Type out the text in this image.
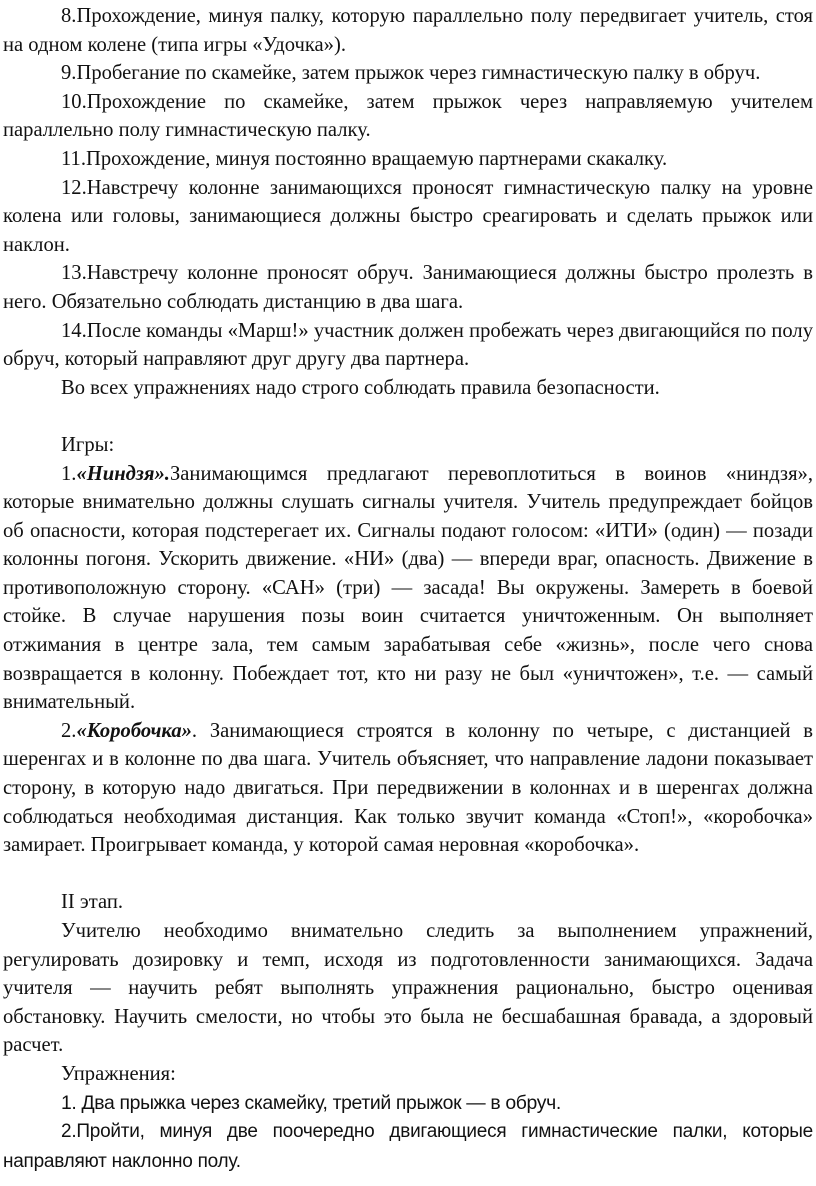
8.Прохождение, минуя палку, которую параллельно полу передвигает учитель, стоя на одном колене (типа игры «Удочка»).

9.Пробегание по скамейке, затем прыжок через гимнастическую палку в обруч.

10.Прохождение по скамейке, затем прыжок через направляемую учителем параллельно полу гимнастическую палку.

11.Прохождение, минуя постоянно вращаемую партнерами скакалку.

12.Навстречу колонне занимающихся проносят гимнастическую палку на уровне колена или головы, занимающиеся должны быстро среагировать и сделать прыжок или наклон.

13.Навстречу колонне проносят обруч. Занимающиеся должны быстро пролезть в него. Обязательно соблюдать дистанцию в два шага.

14.После команды «Марш!» участник должен пробежать через двигающийся по полу обруч, который направляют друг другу два партнера.

Во всех упражнениях надо строго соблюдать правила безопасности.

Игры:

1.«Ниндзя».Занимающимся предлагают перевоплотиться в воинов «ниндзя», которые внимательно должны слушать сигналы учителя. Учитель предупреждает бойцов об опасности, которая подстерегает их. Сигналы подают голосом: «ИТИ» (один) — позади колонны погоня. Ускорить движение. «НИ» (два) — впереди враг, опасность. Движение в противоположную сторону. «САН» (три) — засада! Вы окружены. Замереть в боевой стойке. В случае нарушения позы воин считается уничтоженным. Он выполняет отжимания в центре зала, тем самым зарабатывая себе «жизнь», после чего снова возвращается в колонну. Побеждает тот, кто ни разу не был «уничтожен», т.е. — самый внимательный.

2.«Коробочка». Занимающиеся строятся в колонну по четыре, с дистанцией в шеренгах и в колонне по два шага. Учитель объясняет, что направление ладони показывает сторону, в которую надо двигаться. При передвижении в колоннах и в шеренгах должна соблюдаться необходимая дистанция. Как только звучит команда «Стоп!», «коробочка» замирает. Проигрывает команда, у которой самая неровная «коробочка».

II этап.

Учителю необходимо внимательно следить за выполнением упражнений, регулировать дозировку и темп, исходя из подготовленности занимающихся. Задача учителя — научить ребят выполнять упражнения рационально, быстро оценивая обстановку. Научить смелости, но чтобы это была не бесшабашная бравада, а здоровый расчет.

Упражнения:

1. Два прыжка через скамейку, третий прыжок — в обруч.

2.Пройти, минуя две поочередно двигающиеся гимнастические палки, которые направляют наклонно полу.
